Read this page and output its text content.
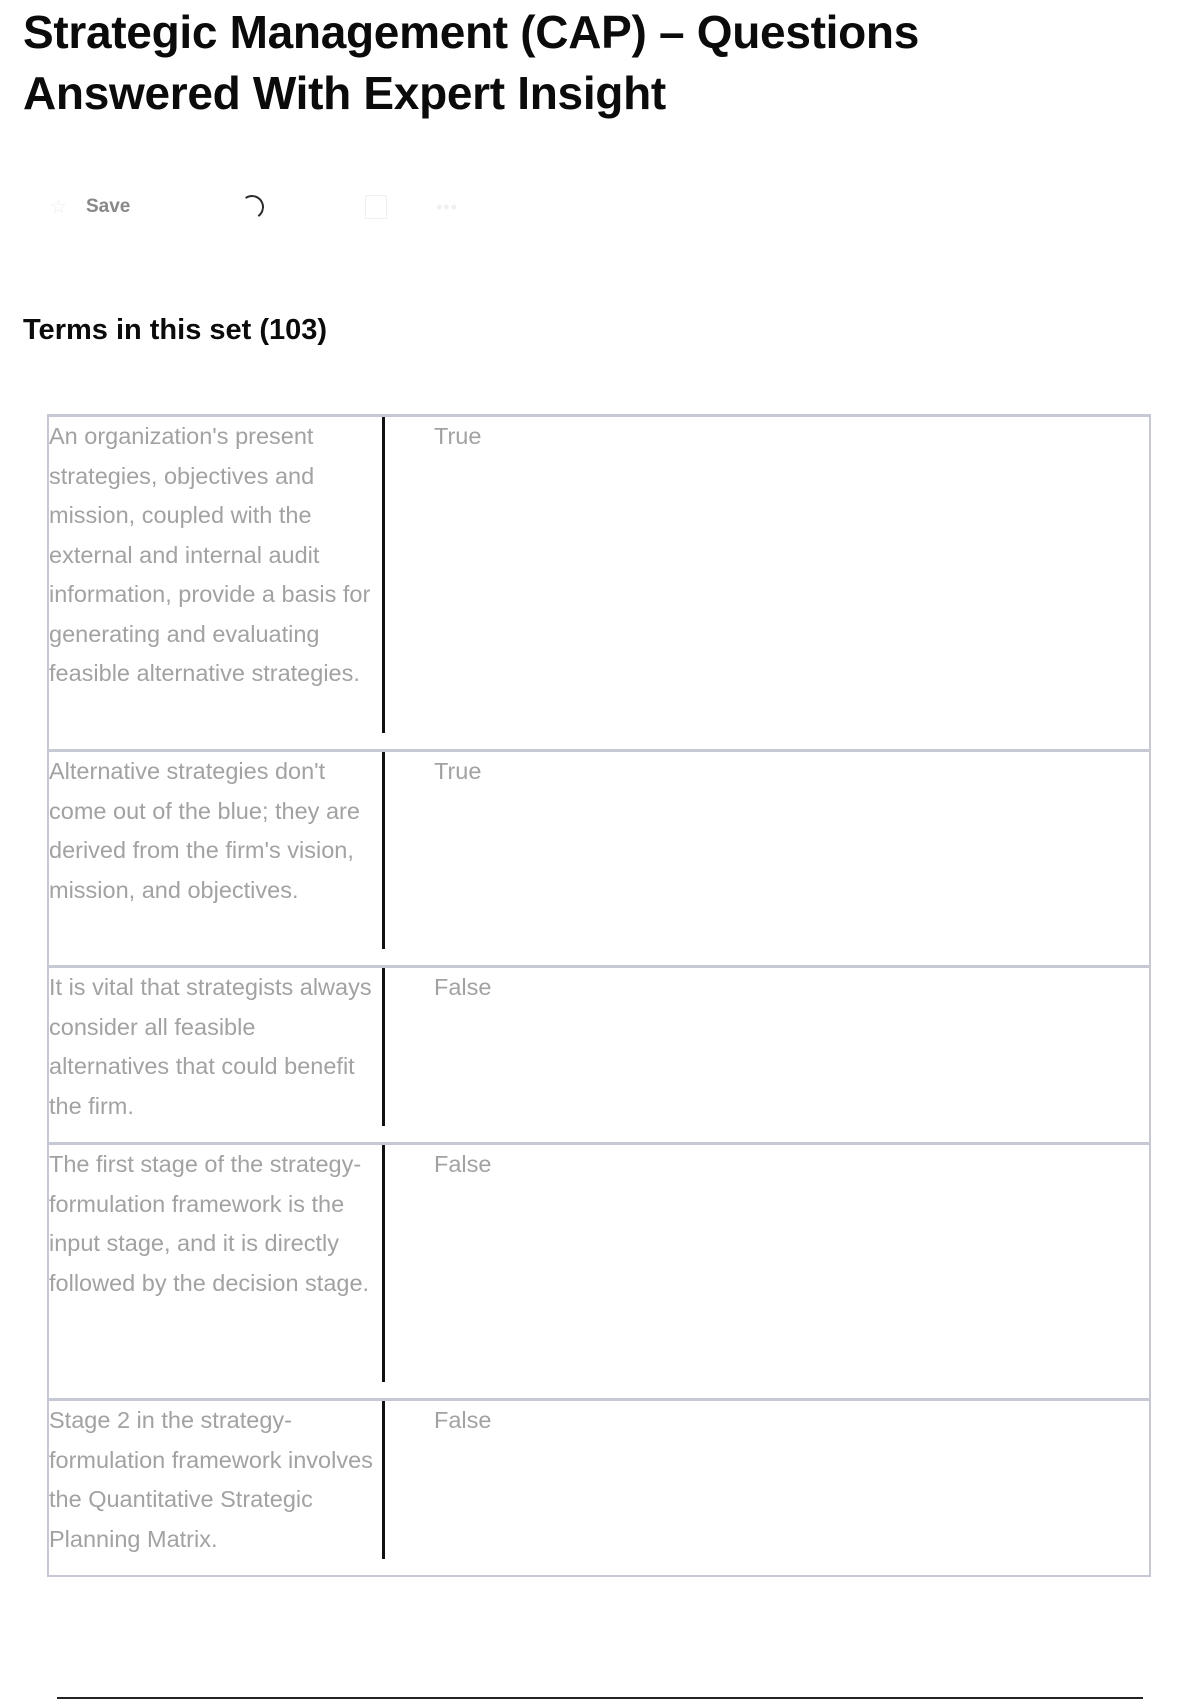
Strategic Management (CAP) – Questions Answered With Expert Insight
☆ Save	•••
Terms in this set (103)
An organization's present strategies, objectives and mission, coupled with the external and internal audit information, provide a basis for generating and evaluating feasible alternative strategies.
True
Alternative strategies don't come out of the blue; they are derived from the firm's vision, mission, and objectives.
True
It is vital that strategists always consider all feasible alternatives that could benefit the firm.
False
The first stage of the strategy-formulation framework is the input stage, and it is directly followed by the decision stage.
False
Stage 2 in the strategy-formulation framework involves the Quantitative Strategic Planning Matrix.
False
